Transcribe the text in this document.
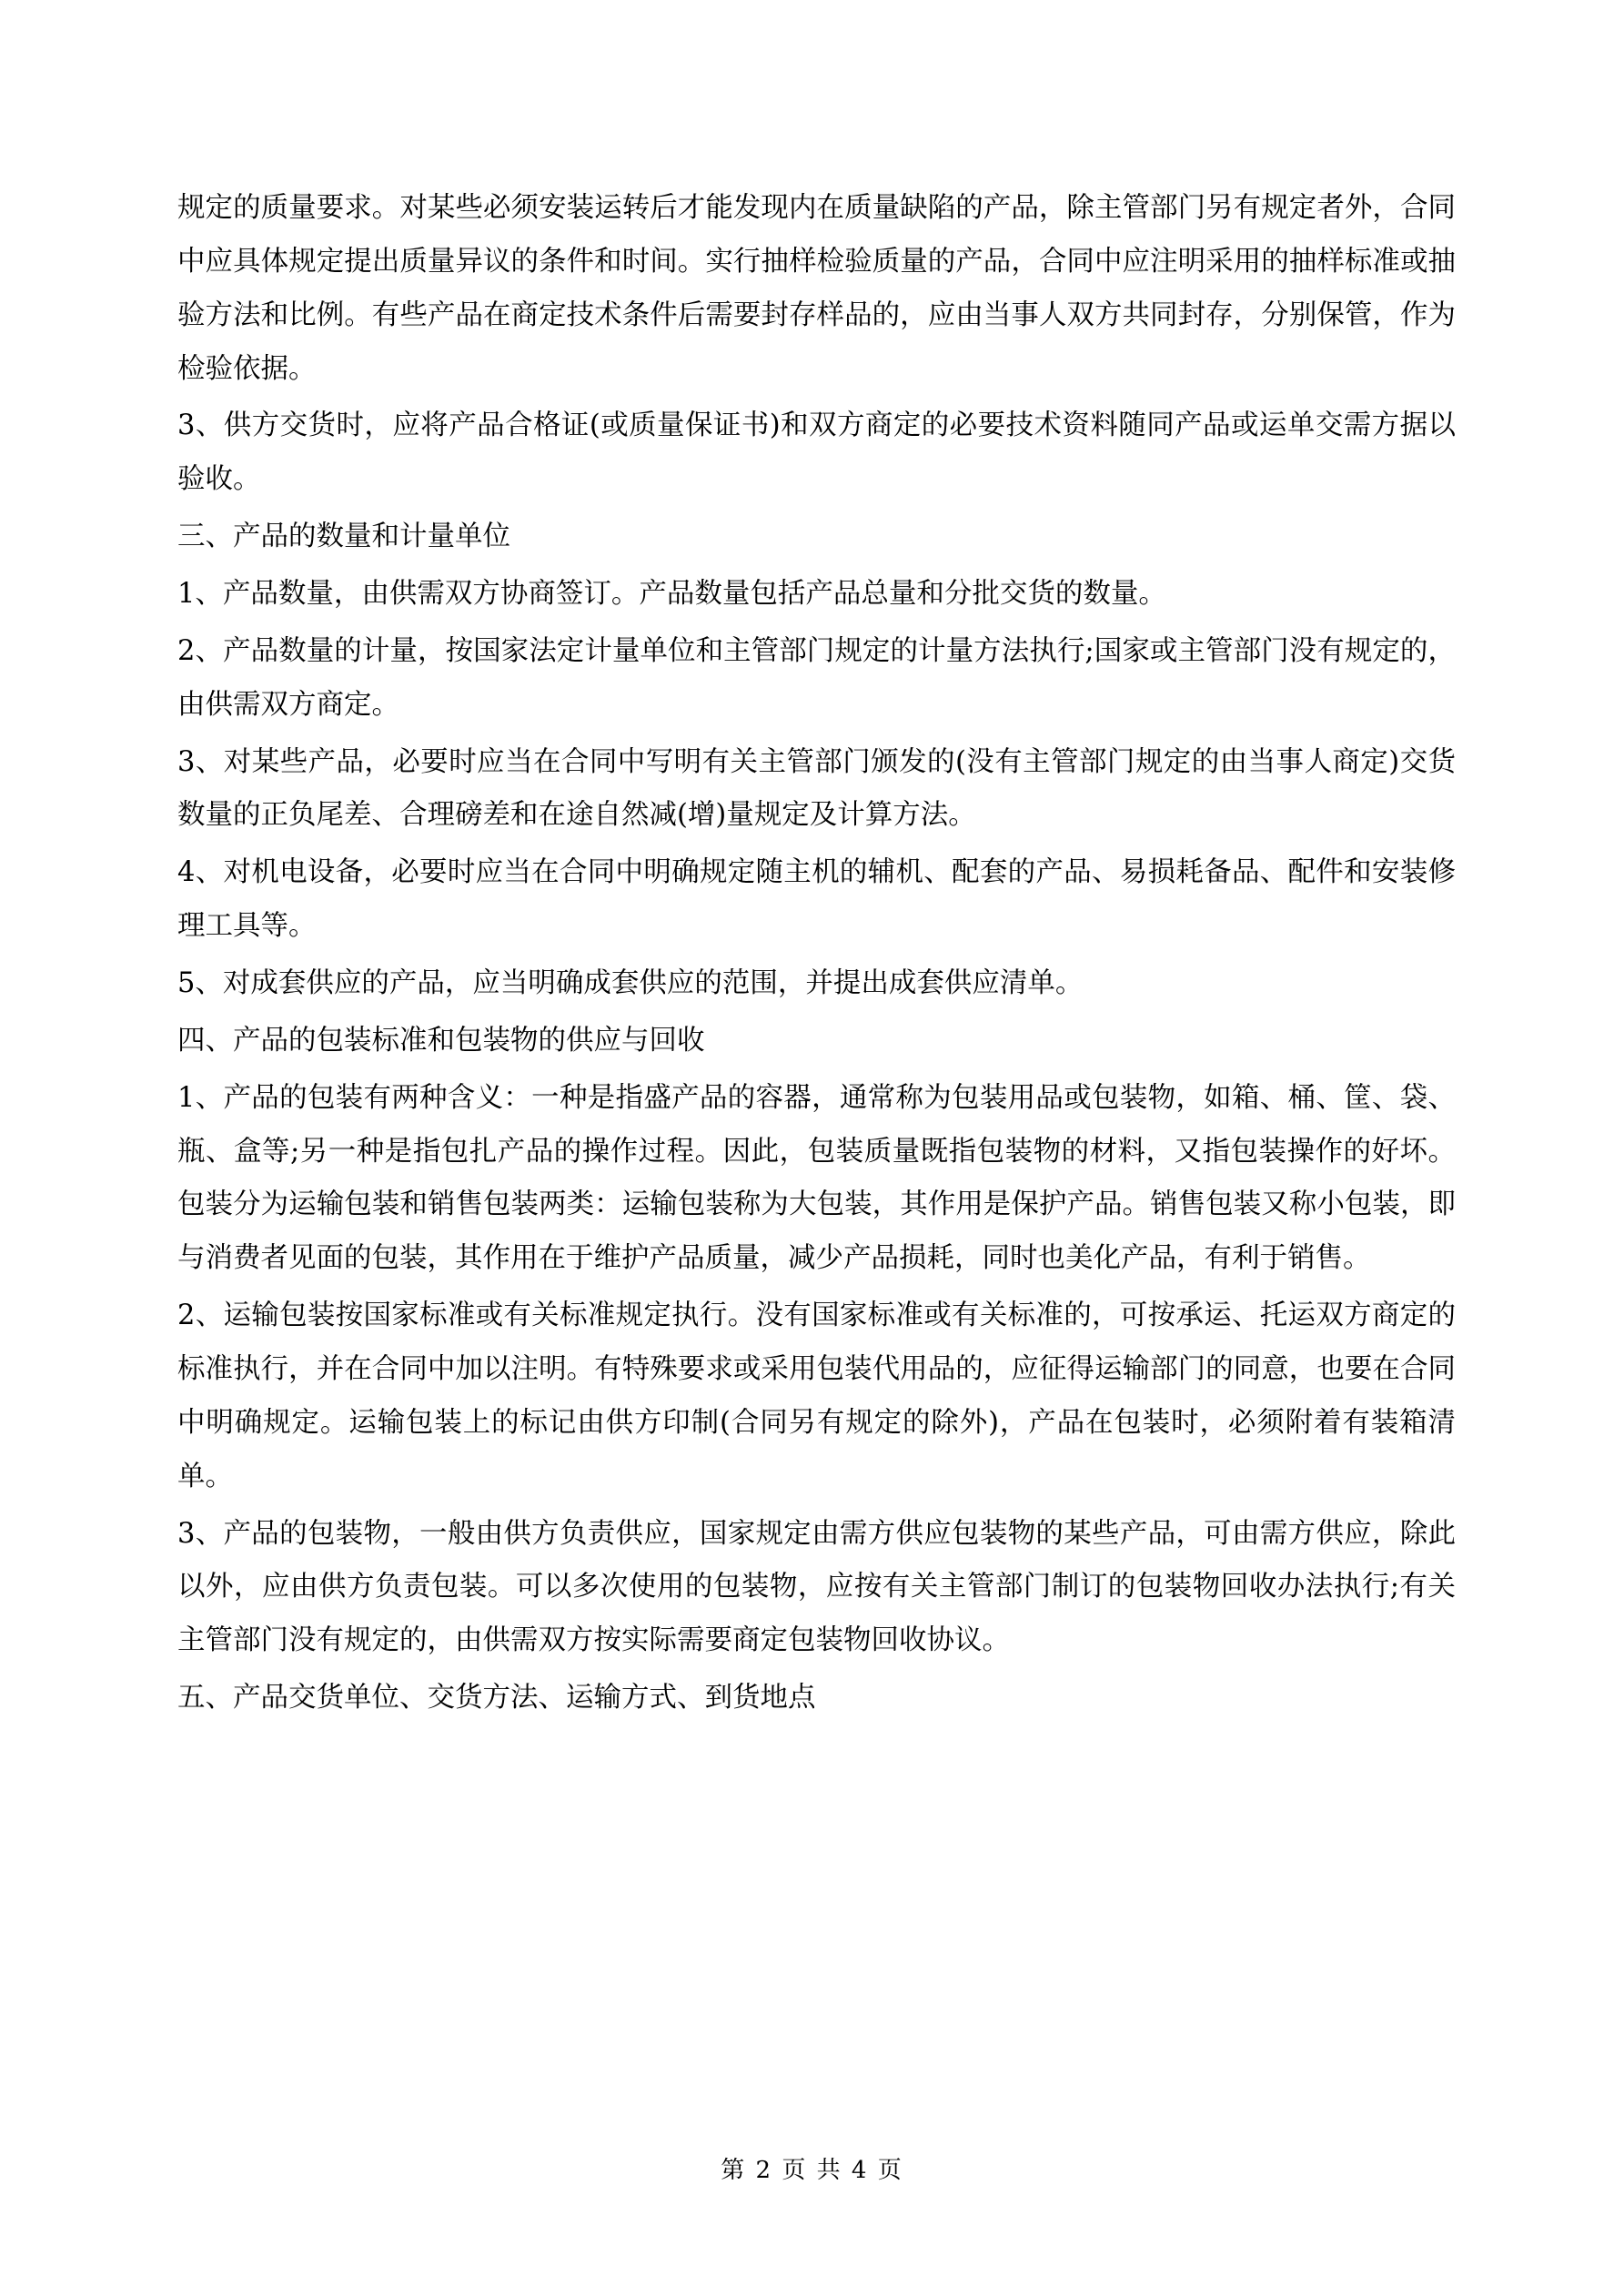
规定的质量要求。对某些必须安装运转后才能发现内在质量缺陷的产品，除主管部门另有规定者外，合同中应具体规定提出质量异议的条件和时间。实行抽样检验质量的产品，合同中应注明采用的抽样标准或抽验方法和比例。有些产品在商定技术条件后需要封存样品的，应由当事人双方共同封存，分别保管，作为检验依据。

3、供方交货时，应将产品合格证(或质量保证书)和双方商定的必要技术资料随同产品或运单交需方据以验收。

三、产品的数量和计量单位

1、产品数量，由供需双方协商签订。产品数量包括产品总量和分批交货的数量。

2、产品数量的计量，按国家法定计量单位和主管部门规定的计量方法执行;国家或主管部门没有规定的，由供需双方商定。

3、对某些产品，必要时应当在合同中写明有关主管部门颁发的(没有主管部门规定的由当事人商定)交货数量的正负尾差、合理磅差和在途自然减(增)量规定及计算方法。

4、对机电设备，必要时应当在合同中明确规定随主机的辅机、配套的产品、易损耗备品、配件和安装修理工具等。

5、对成套供应的产品，应当明确成套供应的范围，并提出成套供应清单。

四、产品的包装标准和包装物的供应与回收

1、产品的包装有两种含义：一种是指盛产品的容器，通常称为包装用品或包装物，如箱、桶、筐、袋、瓶、盒等;另一种是指包扎产品的操作过程。因此，包装质量既指包装物的材料，又指包装操作的好坏。包装分为运输包装和销售包装两类：运输包装称为大包装，其作用是保护产品。销售包装又称小包装，即与消费者见面的包装，其作用在于维护产品质量，减少产品损耗，同时也美化产品，有利于销售。

2、运输包装按国家标准或有关标准规定执行。没有国家标准或有关标准的，可按承运、托运双方商定的标准执行，并在合同中加以注明。有特殊要求或采用包装代用品的，应征得运输部门的同意，也要在合同中明确规定。运输包装上的标记由供方印制(合同另有规定的除外)，产品在包装时，必须附着有装箱清单。

3、产品的包装物，一般由供方负责供应，国家规定由需方供应包装物的某些产品，可由需方供应，除此以外，应由供方负责包装。可以多次使用的包装物，应按有关主管部门制订的包装物回收办法执行;有关主管部门没有规定的，由供需双方按实际需要商定包装物回收协议。

五、产品交货单位、交货方法、运输方式、到货地点

第 2 页 共 4 页
